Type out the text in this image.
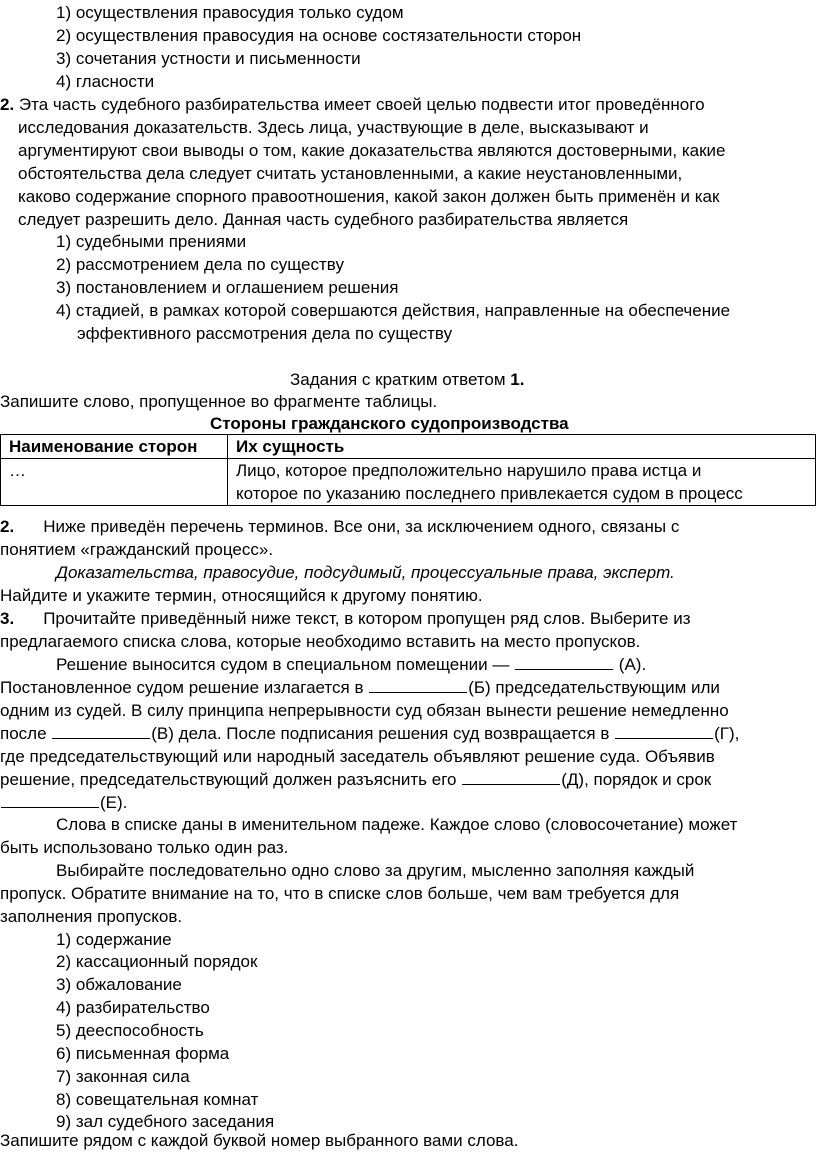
1) осуществления правосудия только судом
2) осуществления правосудия на основе состязательности сторон
3) сочетания устности и письменности
4) гласности
2. Эта часть судебного разбирательства имеет своей целью подвести итог проведённого
исследования доказательств. Здесь лица, участвующие в деле, высказывают и
аргументируют свои выводы о том, какие доказательства являются достоверными, какие
обстоятельства дела следует считать установленными, а какие неустановленными,
каково содержание спорного правоотношения, какой закон должен быть применён и как
следует разрешить дело. Данная часть судебного разбирательства является
1) судебными прениями
2) рассмотрением дела по существу
3) постановлением и оглашением решения
4) стадией, в рамках которой совершаются действия, направленные на обеспечение
эффективного рассмотрения дела по существу
Задания с кратким ответом 1.
Запишите слово, пропущенное во фрагменте таблицы.
Стороны гражданского судопроизводства
Наименование сторон	Их сущность
…	Лицо, которое предположительно нарушило права истца и
которое по указанию последнего привлекается судом в процесс
2. Ниже приведён перечень терминов. Все они, за исключением одного, связаны с
понятием «гражданский процесс».
Доказательства, правосудие, подсудимый, процессуальные права, эксперт.
Найдите и укажите термин, относящийся к другому понятию.
3. Прочитайте приведённый ниже текст, в котором пропущен ряд слов. Выберите из
предлагаемого списка слова, которые необходимо вставить на место пропусков.
Решение выносится судом в специальном помещении —	(А).
Постановленное судом решение излагается в	(Б) председательствующим или
одним из судей. В силу принципа непрерывности суд обязан вынести решение немедленно
после	(В) дела. После подписания решения суд возвращается в	(Г),
где председательствующий или народный заседатель объявляют решение суда. Объявив
решение, председательствующий должен разъяснить его	(Д), порядок и срок
(Е).
Слова в списке даны в именительном падеже. Каждое слово (словосочетание) может
быть использовано только один раз.
Выбирайте последовательно одно слово за другим, мысленно заполняя каждый
пропуск. Обратите внимание на то, что в списке слов больше, чем вам требуется для
заполнения пропусков.
1) содержание
2) кассационный порядок
3) обжалование
4) разбирательство
5) дееспособность
6) письменная форма
7) законная сила
8) совещательная комнат
9) зал судебного заседания
Запишите рядом с каждой буквой номер выбранного вами слова.
